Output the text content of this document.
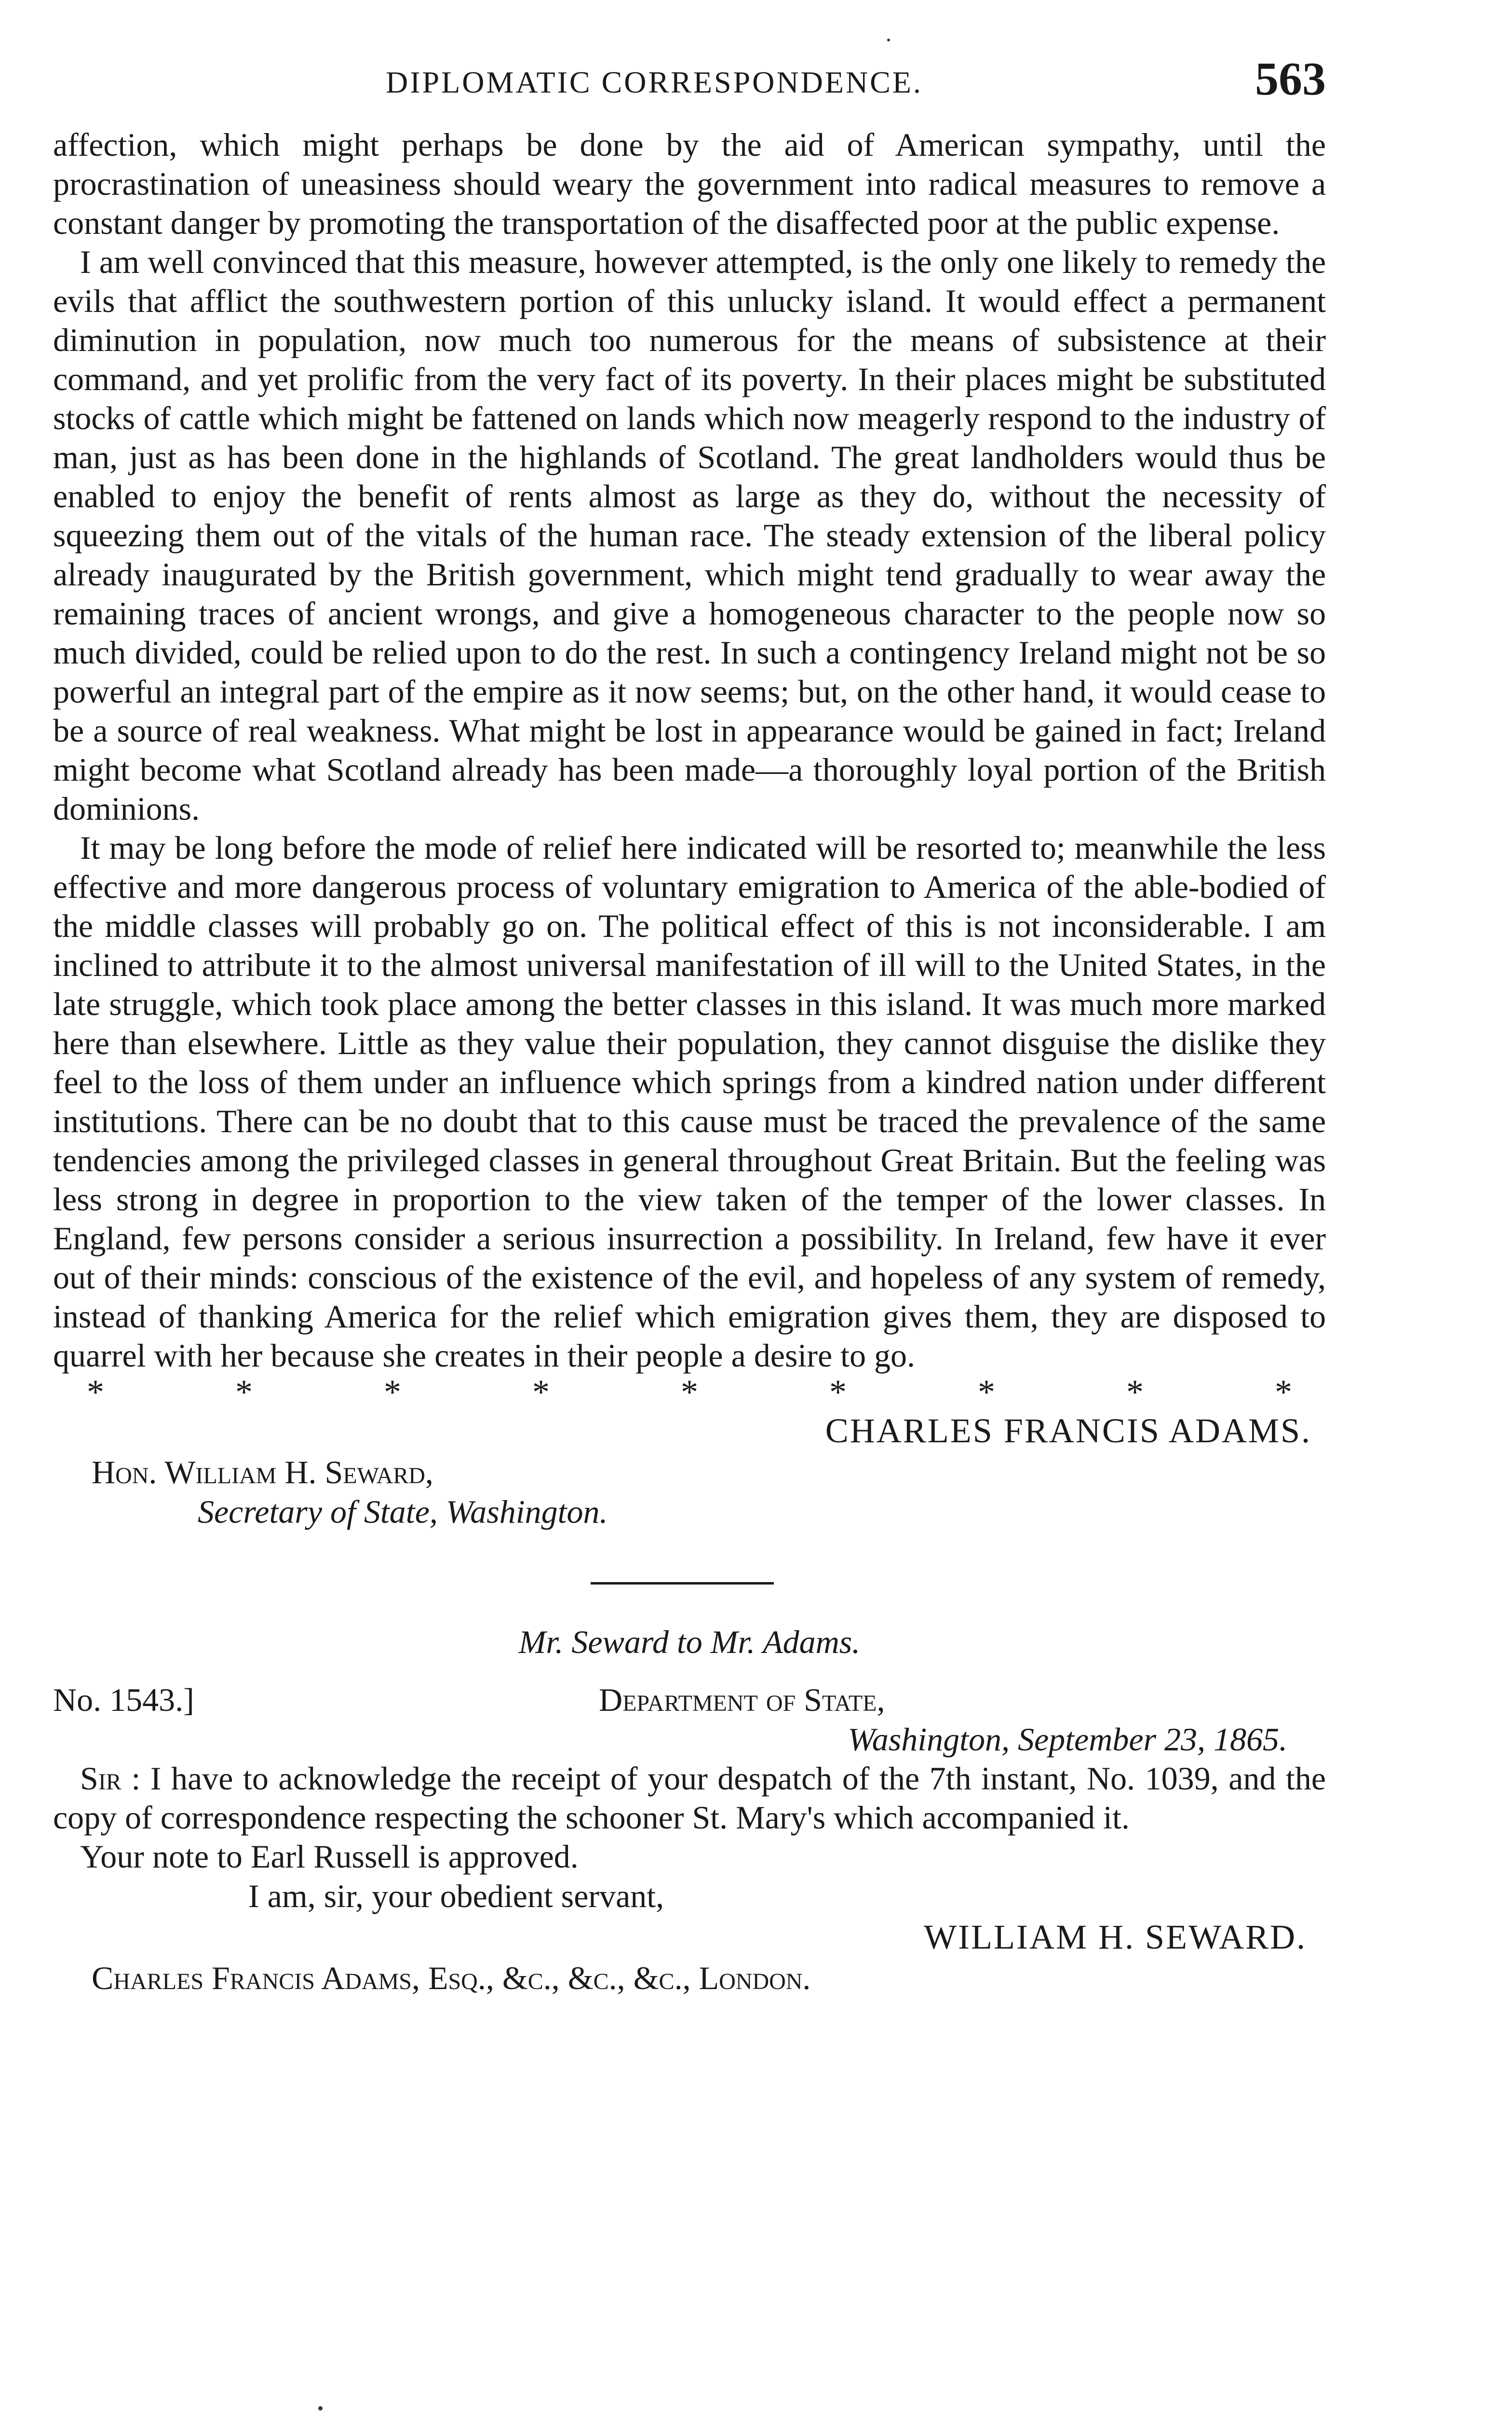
DIPLOMATIC CORRESPONDENCE.	563

affection, which might perhaps be done by the aid of American sympathy, until the procrastination of uneasiness should weary the government into radical measures to remove a constant danger by promoting the transportation of the disaffected poor at the public expense.

I am well convinced that this measure, however attempted, is the only one likely to remedy the evils that afflict the southwestern portion of this unlucky island. It would effect a permanent diminution in population, now much too numerous for the means of subsistence at their command, and yet prolific from the very fact of its poverty. In their places might be substituted stocks of cattle which might be fattened on lands which now meagerly respond to the industry of man, just as has been done in the highlands of Scotland. The great landholders would thus be enabled to enjoy the benefit of rents almost as large as they do, without the necessity of squeezing them out of the vitals of the human race. The steady extension of the liberal policy already inaugurated by the British government, which might tend gradually to wear away the remaining traces of ancient wrongs, and give a homogeneous character to the people now so much divided, could be relied upon to do the rest. In such a contingency Ireland might not be so powerful an integral part of the empire as it now seems; but, on the other hand, it would cease to be a source of real weakness. What might be lost in appearance would be gained in fact; Ireland might become what Scotland already has been made—a thoroughly loyal portion of the British dominions.

It may be long before the mode of relief here indicated will be resorted to; meanwhile the less effective and more dangerous process of voluntary emigration to America of the able-bodied of the middle classes will probably go on. The political effect of this is not inconsiderable. I am inclined to attribute it to the almost universal manifestation of ill will to the United States, in the late struggle, which took place among the better classes in this island. It was much more marked here than elsewhere. Little as they value their population, they cannot disguise the dislike they feel to the loss of them under an influence which springs from a kindred nation under different institutions. There can be no doubt that to this cause must be traced the prevalence of the same tendencies among the privileged classes in general throughout Great Britain. But the feeling was less strong in degree in proportion to the view taken of the temper of the lower classes. In England, few persons consider a serious insurrection a possibility. In Ireland, few have it ever out of their minds: conscious of the existence of the evil, and hopeless of any system of remedy, instead of thanking America for the relief which emigration gives them, they are disposed to quarrel with her because she creates in their people a desire to go.

*	*	*	*	*	*	*	*	*
CHARLES FRANCIS ADAMS.
Hon. William H. Seward,
Secretary of State, Washington.
Mr. Seward to Mr. Adams.
No. 1543.]	Department of State,
Washington, September 23, 1865.

Sir : I have to acknowledge the receipt of your despatch of the 7th instant, No. 1039, and the copy of correspondence respecting the schooner St. Mary's which accompanied it.

Your note to Earl Russell is approved.

I am, sir, your obedient servant,
WILLIAM H. SEWARD.
Charles Francis Adams, Esq., &c., &c., &c., London.
